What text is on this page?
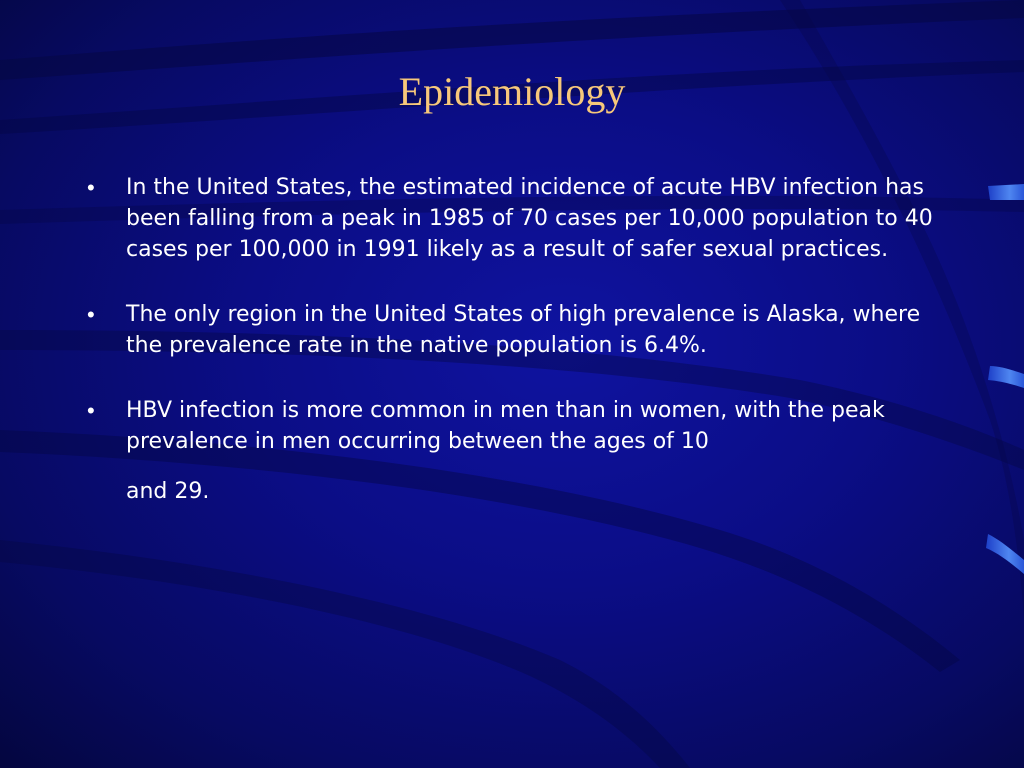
Epidemiology
• In the United States, the estimated incidence of acute HBV infection has been falling from a peak in 1985 of 70 cases per 10,000 population to 40 cases per 100,000 in 1991 likely as a result of safer sexual practices.
• The only region in the United States of high prevalence is Alaska, where the prevalence rate in the native population is 6.4%.
• HBV infection is more common in men than in women, with the peak prevalence in men occurring between the ages of 10
and 29.
